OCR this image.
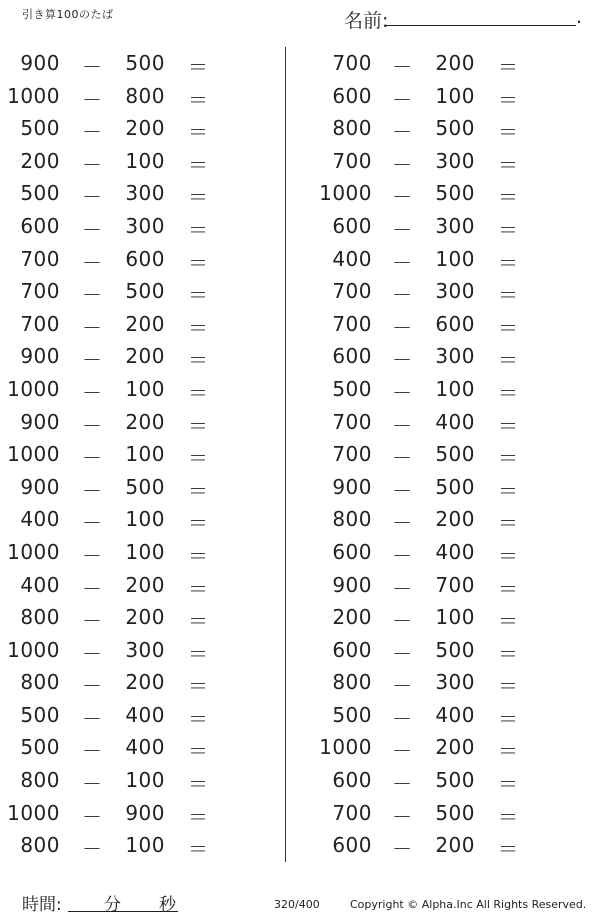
引き算100のたば	名前:	.
900 － 500 ＝
1000 － 800 ＝
500 － 200 ＝
200 － 100 ＝
500 － 300 ＝
600 － 300 ＝
700 － 600 ＝
700 － 500 ＝
700 － 200 ＝
900 － 200 ＝
1000 － 100 ＝
900 － 200 ＝
1000 － 100 ＝
900 － 500 ＝
400 － 100 ＝
1000 － 100 ＝
400 － 200 ＝
800 － 200 ＝
1000 － 300 ＝
800 － 200 ＝
500 － 400 ＝
500 － 400 ＝
800 － 100 ＝
1000 － 900 ＝
800 － 100 ＝
700 － 200 ＝
600 － 100 ＝
800 － 500 ＝
700 － 300 ＝
1000 － 500 ＝
600 － 300 ＝
400 － 100 ＝
700 － 300 ＝
700 － 600 ＝
600 － 300 ＝
500 － 100 ＝
700 － 400 ＝
700 － 500 ＝
900 － 500 ＝
800 － 200 ＝
600 － 400 ＝
900 － 700 ＝
200 － 100 ＝
600 － 500 ＝
800 － 300 ＝
500 － 400 ＝
1000 － 200 ＝
600 － 500 ＝
700 － 500 ＝
600 － 200 ＝
時間: 分 秒	320/400	Copyright © Alpha.Inc All Rights Reserved.
